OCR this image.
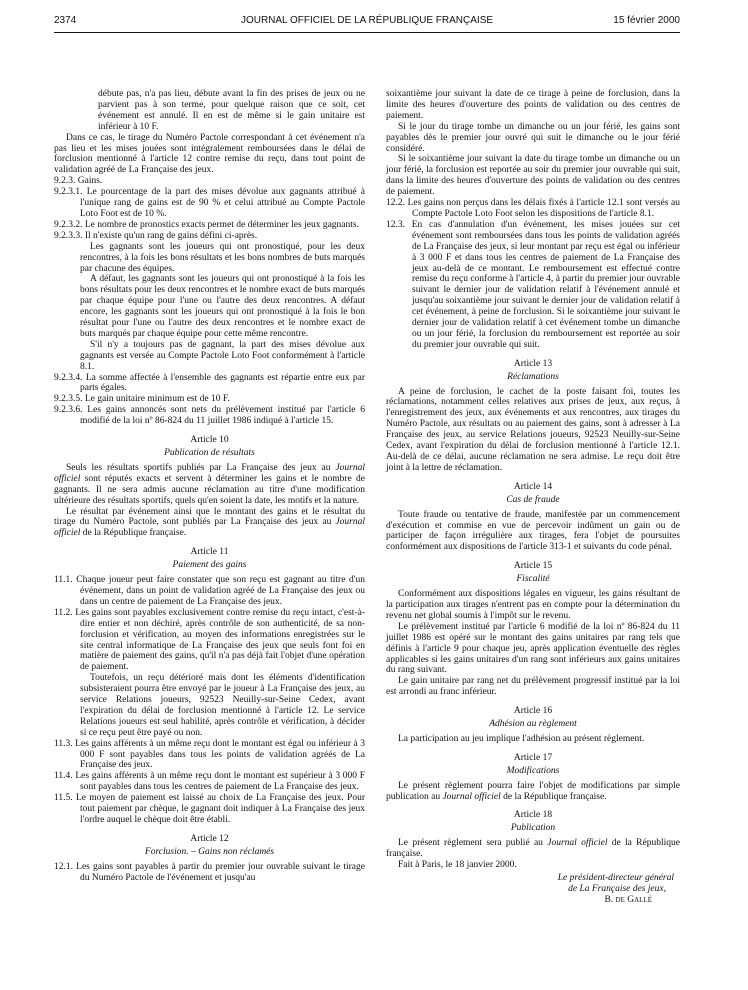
2374	JOURNAL OFFICIEL DE LA RÉPUBLIQUE FRANÇAISE	15 février 2000

débute pas, n'a pas lieu, débute avant la fin des prises de jeux ou ne parvient pas à son terme, pour quelque raison que ce soit, cet événement est annulé. Il en est de même si le gain unitaire est inférieur à 10 F.

Dans ce cas, le tirage du Numéro Pactole correspondant à cet événement n'a pas lieu et les mises jouées sont intégralement remboursées dans le délai de forclusion mentionné à l'article 12 contre remise du reçu, dans tout point de validation agréé de La Française des jeux.

9.2.3. Gains.

9.2.3.1. Le pourcentage de la part des mises dévolue aux gagnants attribué à l'unique rang de gains est de 90 % et celui attribué au Compte Pactole Loto Foot est de 10 %.

9.2.3.2. Le nombre de pronostics exacts permet de déterminer les jeux gagnants.

9.2.3.3. Il n'existe qu'un rang de gains défini ci-après.

Les gagnants sont les joueurs qui ont pronostiqué, pour les deux rencontres, à la fois les bons résultats et les bons nombres de buts marqués par chacune des équipes.

A défaut, les gagnants sont les joueurs qui ont pronostiqué à la fois les bons résultats pour les deux rencontres et le nombre exact de buts marqués par chaque équipe pour l'une ou l'autre des deux rencontres. A défaut encore, les gagnants sont les joueurs qui ont pronostiqué à la fois le bon résultat pour l'une ou l'autre des deux rencontres et le nombre exact de buts marqués par chaque équipe pour cette même rencontre.

S'il n'y a toujours pas de gagnant, la part des mises dévolue aux gagnants est versée au Compte Pactole Loto Foot conformément à l'article 8.1.

9.2.3.4. La somme affectée à l'ensemble des gagnants est répartie entre eux par parts égales.

9.2.3.5. Le gain unitaire minimum est de 10 F.

9.2.3.6. Les gains annoncés sont nets du prélèvement institué par l'article 6 modifié de la loi nº 86-824 du 11 juillet 1986 indiqué à l'article 15.

Article 10

Publication de résultats

Seuls les résultats sportifs publiés par La Française des jeux au Journal officiel sont réputés exacts et servent à déterminer les gains et le nombre de gagnants. Il ne sera admis aucune réclamation au titre d'une modification ultérieure des résultats sportifs, quels qu'en soient la date, les motifs et la nature.

Le résultat par événement ainsi que le montant des gains et le résultat du tirage du Numéro Pactole, sont publiés par La Française des jeux au Journal officiel de la République française.

Article 11

Paiement des gains

11.1. Chaque joueur peut faire constater que son reçu est gagnant au titre d'un événement, dans un point de validation agréé de La Française des jeux ou dans un centre de paiement de La Française des jeux.

11.2. Les gains sont payables exclusivement contre remise du reçu intact, c'est-à-dire entier et non déchiré, après contrôle de son authenticité, de sa non-forclusion et vérification, au moyen des informations enregistrées sur le site central informatique de La Française des jeux que seuls font foi en matière de paiement des gains, qu'il n'a pas déjà fait l'objet d'une opération de paiement.

Toutefois, un reçu détérioré mais dont les éléments d'identification subsisteraient pourra être envoyé par le joueur à La Française des jeux, au service Relations joueurs, 92523 Neuilly-sur-Seine Cedex, avant l'expiration du délai de forclusion mentionné à l'article 12. Le service Relations joueurs est seul habilité, après contrôle et vérification, à décider si ce reçu peut être payé ou non.

11.3. Les gains afférents à un même reçu dont le montant est égal ou inférieur à 3 000 F sont payables dans tous les points de validation agréés de La Française des jeux.

11.4. Les gains afférents à un même reçu dont le montant est supérieur à 3 000 F sont payables dans tous les centres de paiement de La Française des jeux.

11.5. Le moyen de paiement est laissé au choix de La Française des jeux. Pour tout paiement par chèque, le gagnant doit indiquer à La Française des jeux l'ordre auquel le chèque doit être établi.

Article 12

Forclusion. – Gains non réclamés

12.1. Les gains sont payables à partir du premier jour ouvrable suivant le tirage du Numéro Pactole de l'événement et jusqu'au

soixantième jour suivant la date de ce tirage à peine de forclusion, dans la limite des heures d'ouverture des points de validation ou des centres de paiement.

Si le jour du tirage tombe un dimanche ou un jour férié, les gains sont payables dès le premier jour ouvré qui suit le dimanche ou le jour férié considéré.

Si le soixantième jour suivant la date du tirage tombe un dimanche ou un jour férié, la forclusion est reportée au soir du premier jour ouvrable qui suit, dans la limite des heures d'ouverture des points de validation ou des centres de paiement.

12.2. Les gains non perçus dans les délais fixés à l'article 12.1 sont versés au Compte Pactole Loto Foot selon les dispositions de l'article 8.1.

12.3. En cas d'annulation d'un événement, les mises jouées sur cet événement sont remboursées dans tous les points de validation agréés de La Française des jeux, si leur montant par reçu est égal ou inférieur à 3 000 F et dans tous les centres de paiement de La Française des jeux au-delà de ce montant. Le remboursement est effectué contre remise du reçu conforme à l'article 4, à partir du premier jour ouvrable suivant le dernier jour de validation relatif à l'événement annulé et jusqu'au soixantième jour suivant le dernier jour de validation relatif à cet événement, à peine de forclusion. Si le soixantième jour suivant le dernier jour de validation relatif à cet événement tombe un dimanche ou un jour férié, la forclusion du remboursement est reportée au soir du premier jour ouvrable qui suit.

Article 13

Réclamations

A peine de forclusion, le cachet de la poste faisant foi, toutes les réclamations, notamment celles relatives aux prises de jeux, aux reçus, à l'enregistrement des jeux, aux événements et aux rencontres, aux tirages du Numéro Pactole, aux résultats ou au paiement des gains, sont à adresser à La Française des jeux, au service Relations joueurs, 92523 Neuilly-sur-Seine Cedex, avant l'expiration du délai de forclusion mentionné à l'article 12.1. Au-delà de ce délai, aucune réclamation ne sera admise. Le reçu doit être joint à la lettre de réclamation.

Article 14

Cas de fraude

Toute fraude ou tentative de fraude, manifestée par un commencement d'exécution et commise en vue de percevoir indûment un gain ou de participer de façon irrégulière aux tirages, fera l'objet de poursuites conformément aux dispositions de l'article 313-1 et suivants du code pénal.

Article 15

Fiscalité

Conformément aux dispositions légales en vigueur, les gains résultant de la participation aux tirages n'entrent pas en compte pour la détermination du revenu net global soumis à l'impôt sur le revenu.

Le prélèvement institué par l'article 6 modifié de la loi nº 86-824 du 11 juillet 1986 est opéré sur le montant des gains unitaires par rang tels que définis à l'article 9 pour chaque jeu, après application éventuelle des règles applicables si les gains unitaires d'un rang sont inférieurs aux gains unitaires du rang suivant.

Le gain unitaire par rang net du prélèvement progressif institué par la loi est arrondi au franc inférieur.

Article 16

Adhésion au règlement

La participation au jeu implique l'adhésion au présent règlement.

Article 17

Modifications

Le présent règlement pourra faire l'objet de modifications par simple publication au Journal officiel de la République française.

Article 18

Publication

Le présent règlement sera publié au Journal officiel de la République française.

Fait à Paris, le 18 janvier 2000.

Le président-directeur général

de La Française des jeux,

B. de Gallé
